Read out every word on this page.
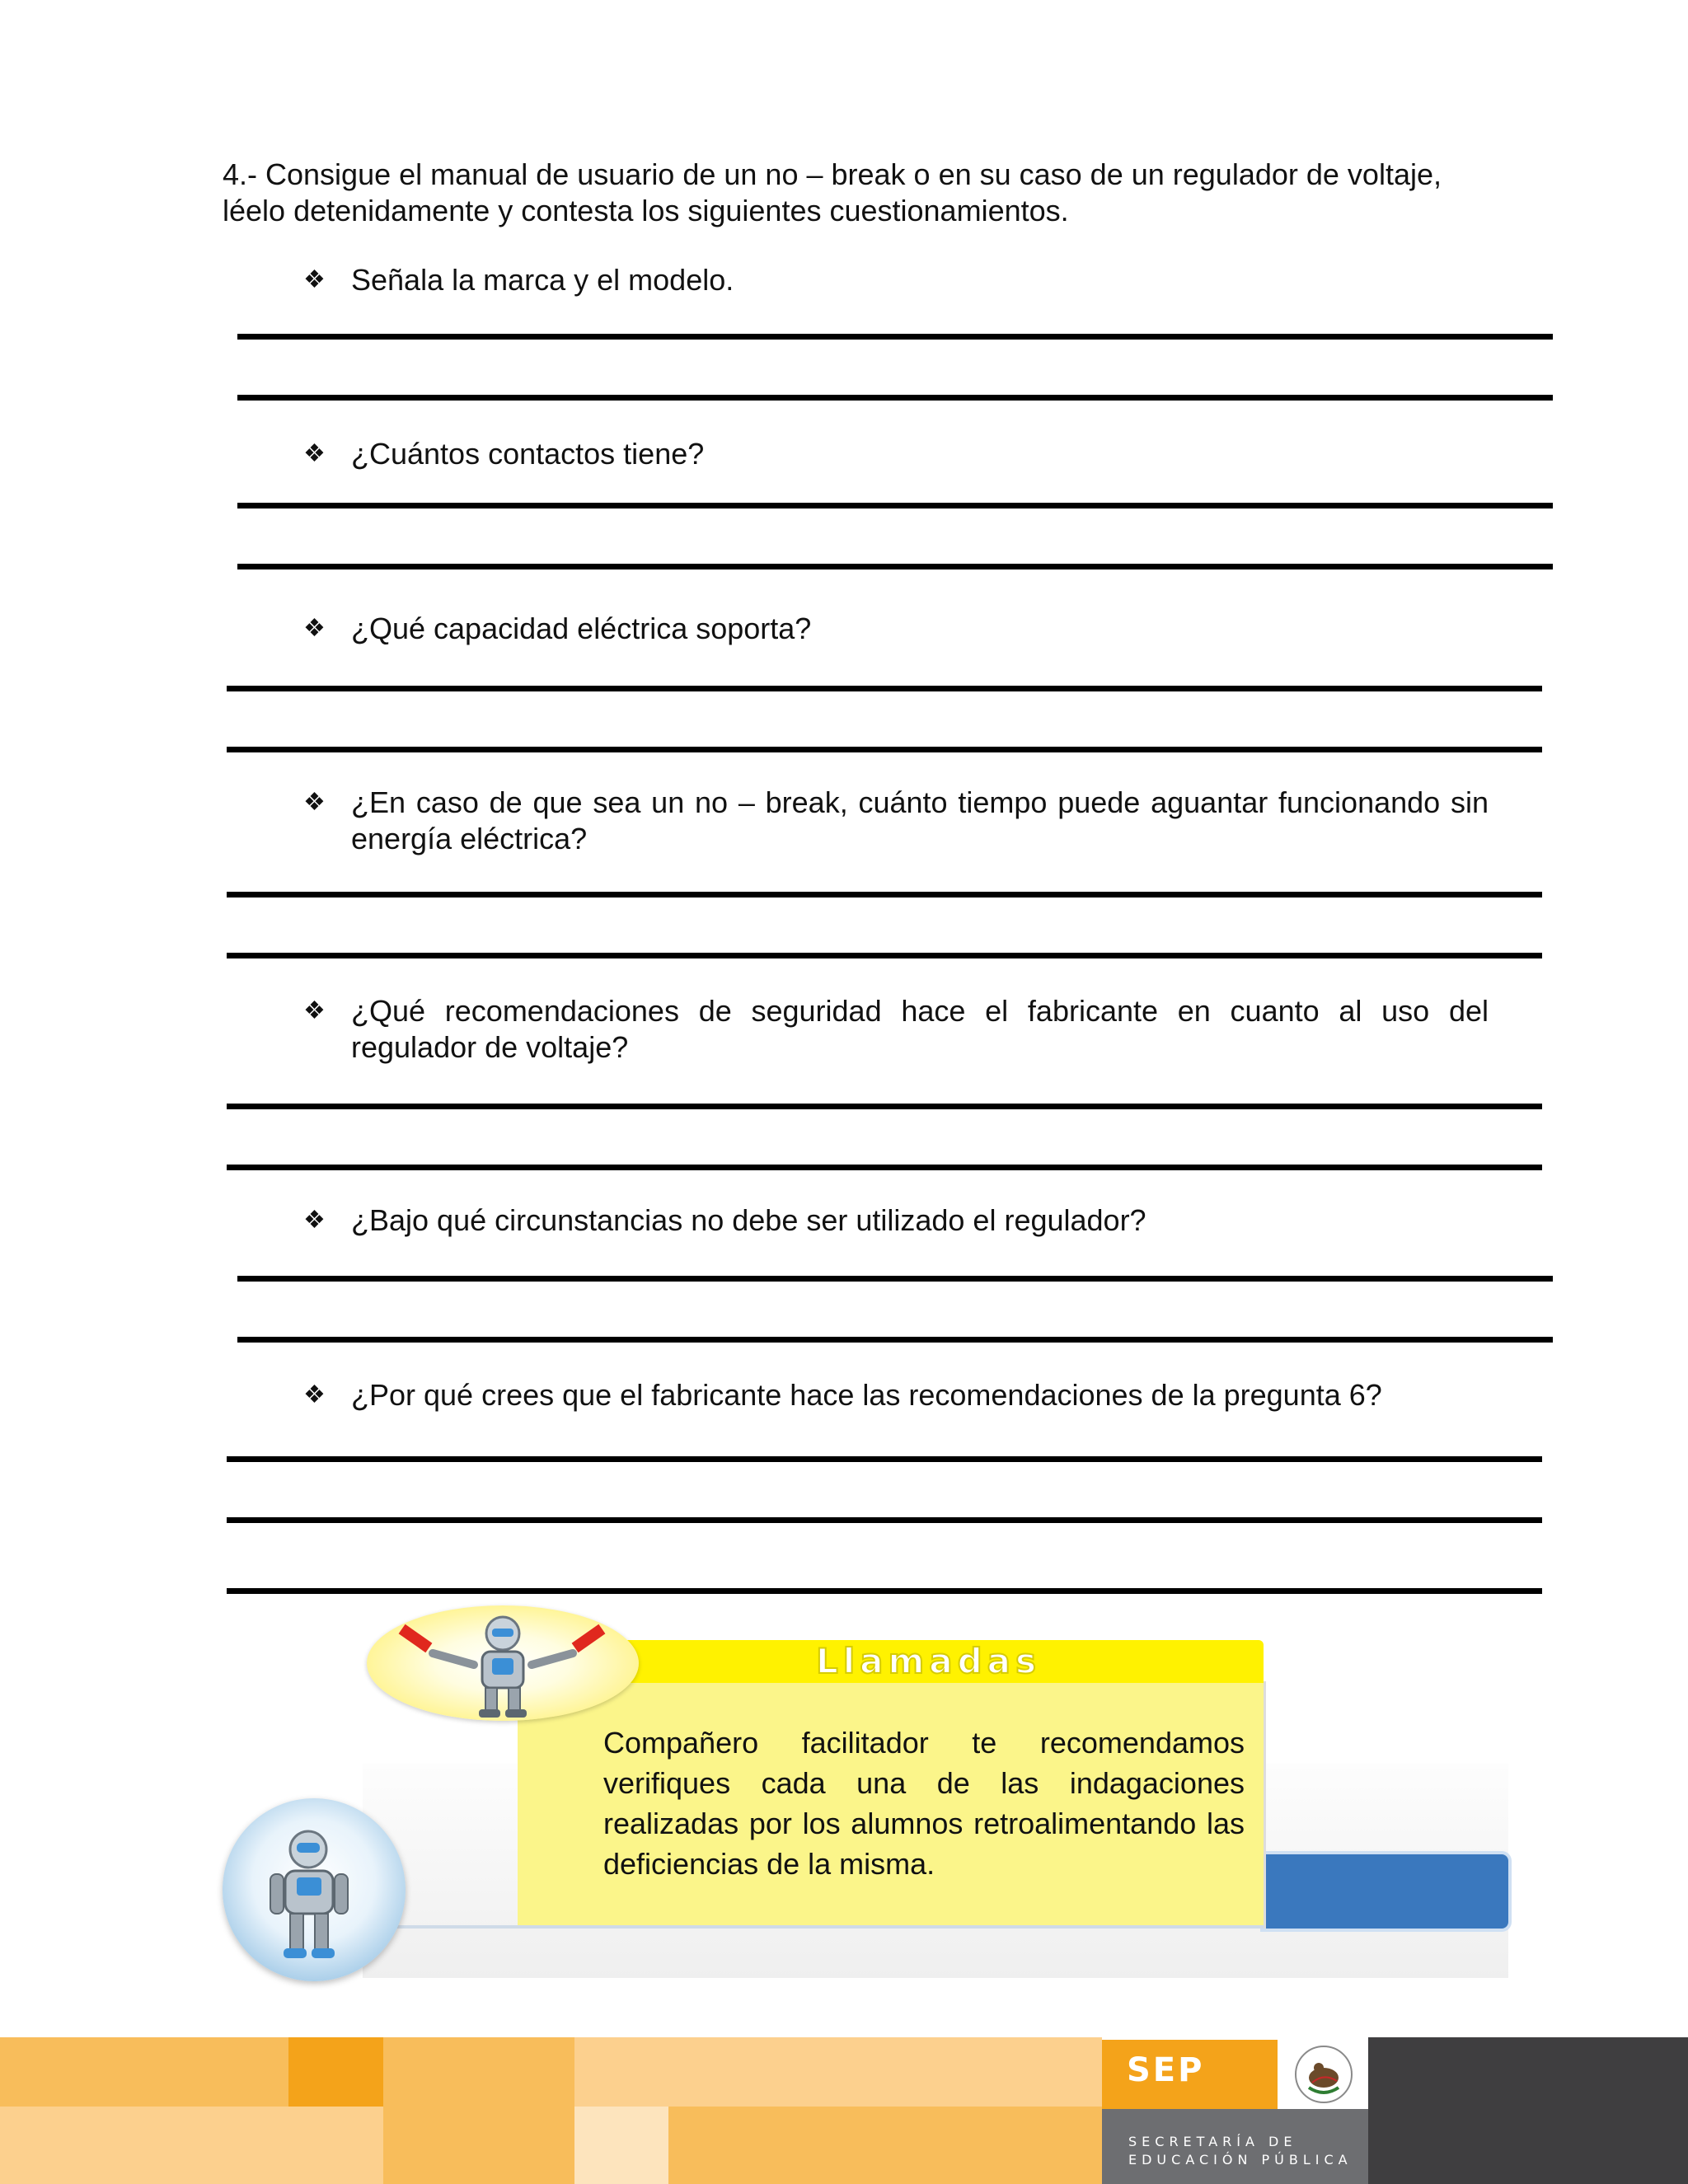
4.- Consigue el manual de usuario de un no – break o en su caso de un regulador de voltaje, léelo detenidamente y contesta los siguientes cuestionamientos.

❖ Señala la marca y el modelo.
❖ ¿Cuántos contactos tiene?
❖ ¿Qué capacidad eléctrica soporta?
❖ ¿En caso de que sea un no – break, cuánto tiempo puede aguantar funcionando sin energía eléctrica?
❖ ¿Qué recomendaciones de seguridad hace el fabricante en cuanto al uso del regulador de voltaje?
❖ ¿Bajo qué circunstancias no debe ser utilizado el regulador?
❖ ¿Por qué crees que el fabricante hace las recomendaciones de la pregunta 6?
Llamadas
Compañero facilitador te recomendamos verifiques cada una de las indagaciones realizadas por los alumnos retroalimentando las deficiencias de la misma.
SEP
SECRETARÍA DE
EDUCACIÓN PÚBLICA
